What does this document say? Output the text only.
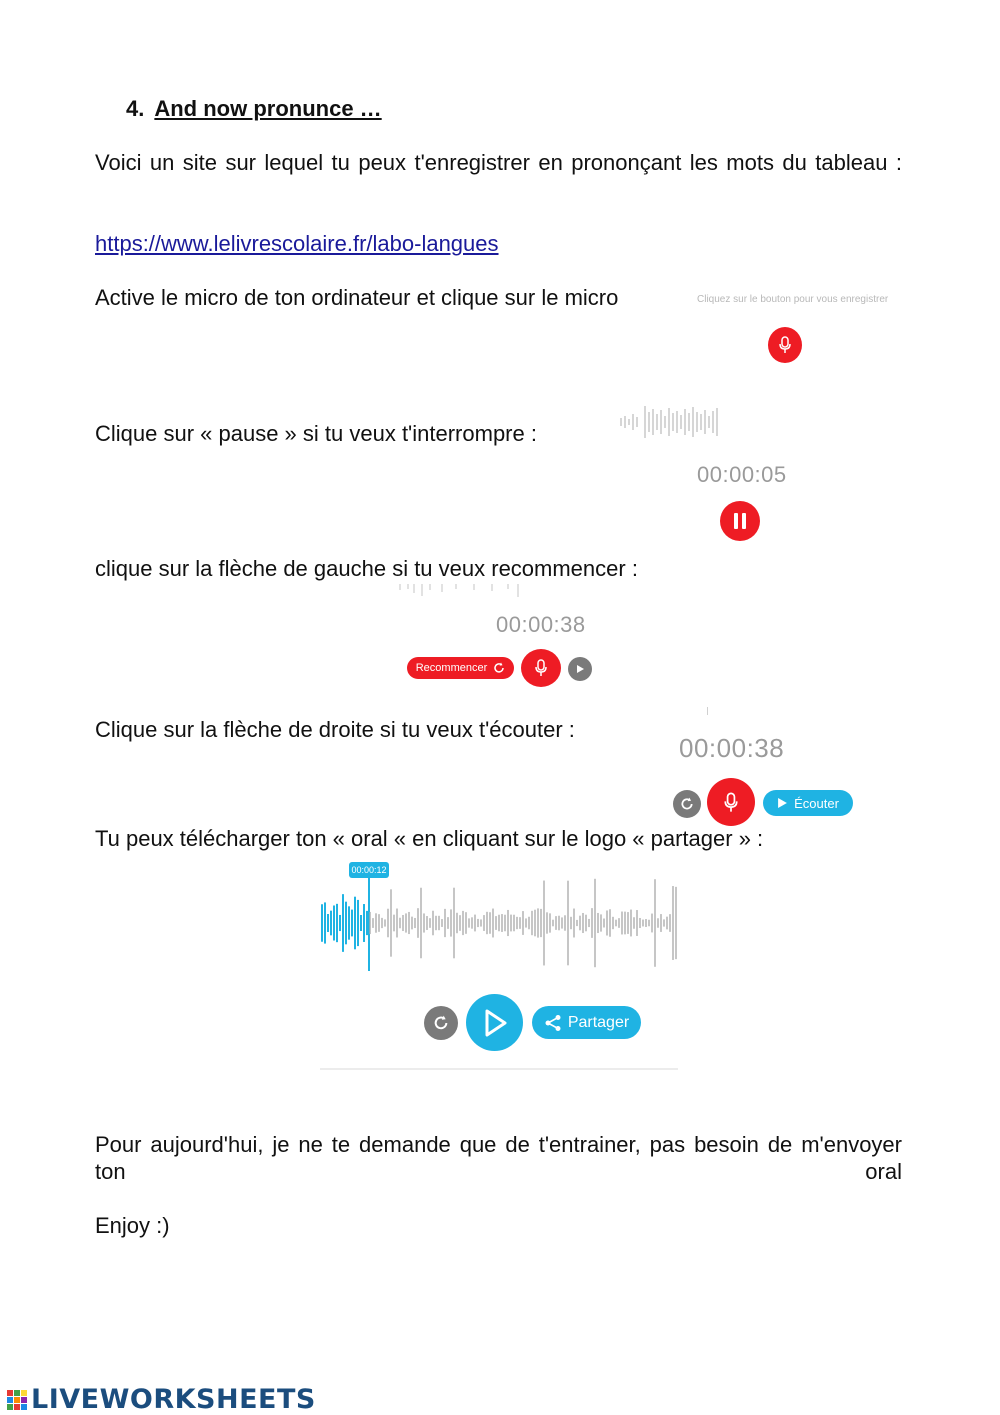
4. And now pronunce …
Voici un site sur lequel tu peux t'enregistrer en prononçant les mots du tableau :
https://www.lelivrescolaire.fr/labo-langues
Active le micro de ton ordinateur et clique sur le micro	Cliquez sur le bouton pour vous enregistrer
Clique sur « pause » si tu veux t'interrompre :
00:00:05
clique sur la flèche de gauche si tu veux recommencer :
00:00:38
Recommencer
Clique sur la flèche de droite si tu veux t'écouter :
00:00:38
Écouter
Tu peux télécharger ton « oral « en cliquant sur le logo « partager » :
00:00:12
Partager
Pour aujourd'hui, je ne te demande que de t'entrainer, pas besoin de m'envoyer ton oral
Enjoy :)
LIVEWORKSHEETS
